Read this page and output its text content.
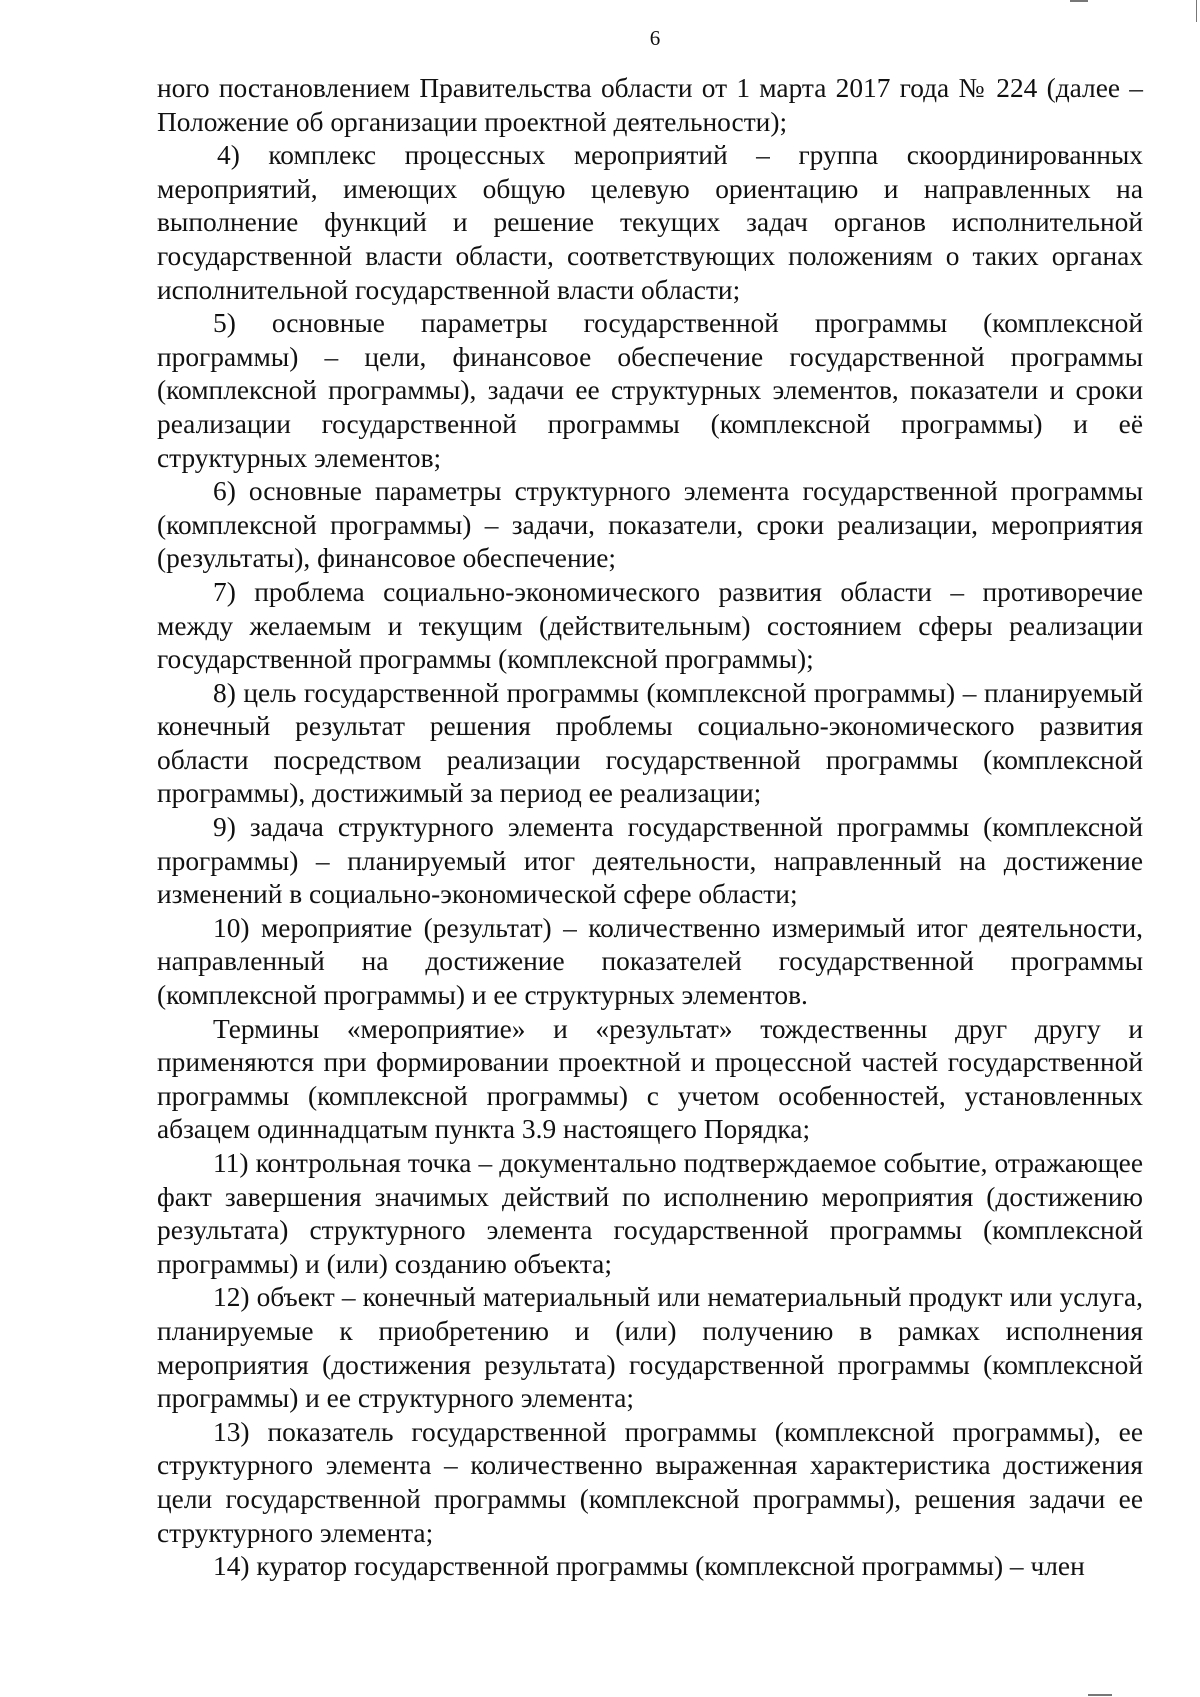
6

ного постановлением Правительства области от 1 марта 2017 года № 224 (далее – Положение об организации проектной деятельности);

4) комплекс процессных мероприятий – группа скоординированных мероприятий, имеющих общую целевую ориентацию и направленных на выполнение функций и решение текущих задач органов исполнительной государственной власти области, соответствующих положениям о таких органах исполнительной государственной власти области;

5) основные параметры государственной программы (комплексной программы) – цели, финансовое обеспечение государственной программы (комплексной программы), задачи ее структурных элементов, показатели и сроки реализации государственной программы (комплексной программы) и её структурных элементов;

6) основные параметры структурного элемента государственной программы (комплексной программы) – задачи, показатели, сроки реализации, мероприятия (результаты), финансовое обеспечение;

7) проблема социально-экономического развития области – противоречие между желаемым и текущим (действительным) состоянием сферы реализации государственной программы (комплексной программы);

8) цель государственной программы (комплексной программы) – планируемый конечный результат решения проблемы социально-экономического развития области посредством реализации государственной программы (комплексной программы), достижимый за период ее реализации;

9) задача структурного элемента государственной программы (комплексной программы) – планируемый итог деятельности, направленный на достижение изменений в социально-экономической сфере области;

10) мероприятие (результат) – количественно измеримый итог деятельности, направленный на достижение показателей государственной программы (комплексной программы) и ее структурных элементов.

Термины «мероприятие» и «результат» тождественны друг другу и применяются при формировании проектной и процессной частей государственной программы (комплексной программы) с учетом особенностей, установленных абзацем одиннадцатым пункта 3.9 настоящего Порядка;

11) контрольная точка – документально подтверждаемое событие, отражающее факт завершения значимых действий по исполнению мероприятия (достижению результата) структурного элемента государственной программы (комплексной программы) и (или) созданию объекта;

12) объект – конечный материальный или нематериальный продукт или услуга, планируемые к приобретению и (или) получению в рамках исполнения мероприятия (достижения результата) государственной программы (комплексной программы) и ее структурного элемента;

13) показатель государственной программы (комплексной программы), ее структурного элемента – количественно выраженная характеристика достижения цели государственной программы (комплексной программы), решения задачи ее структурного элемента;

14) куратор государственной программы (комплексной программы) – член
